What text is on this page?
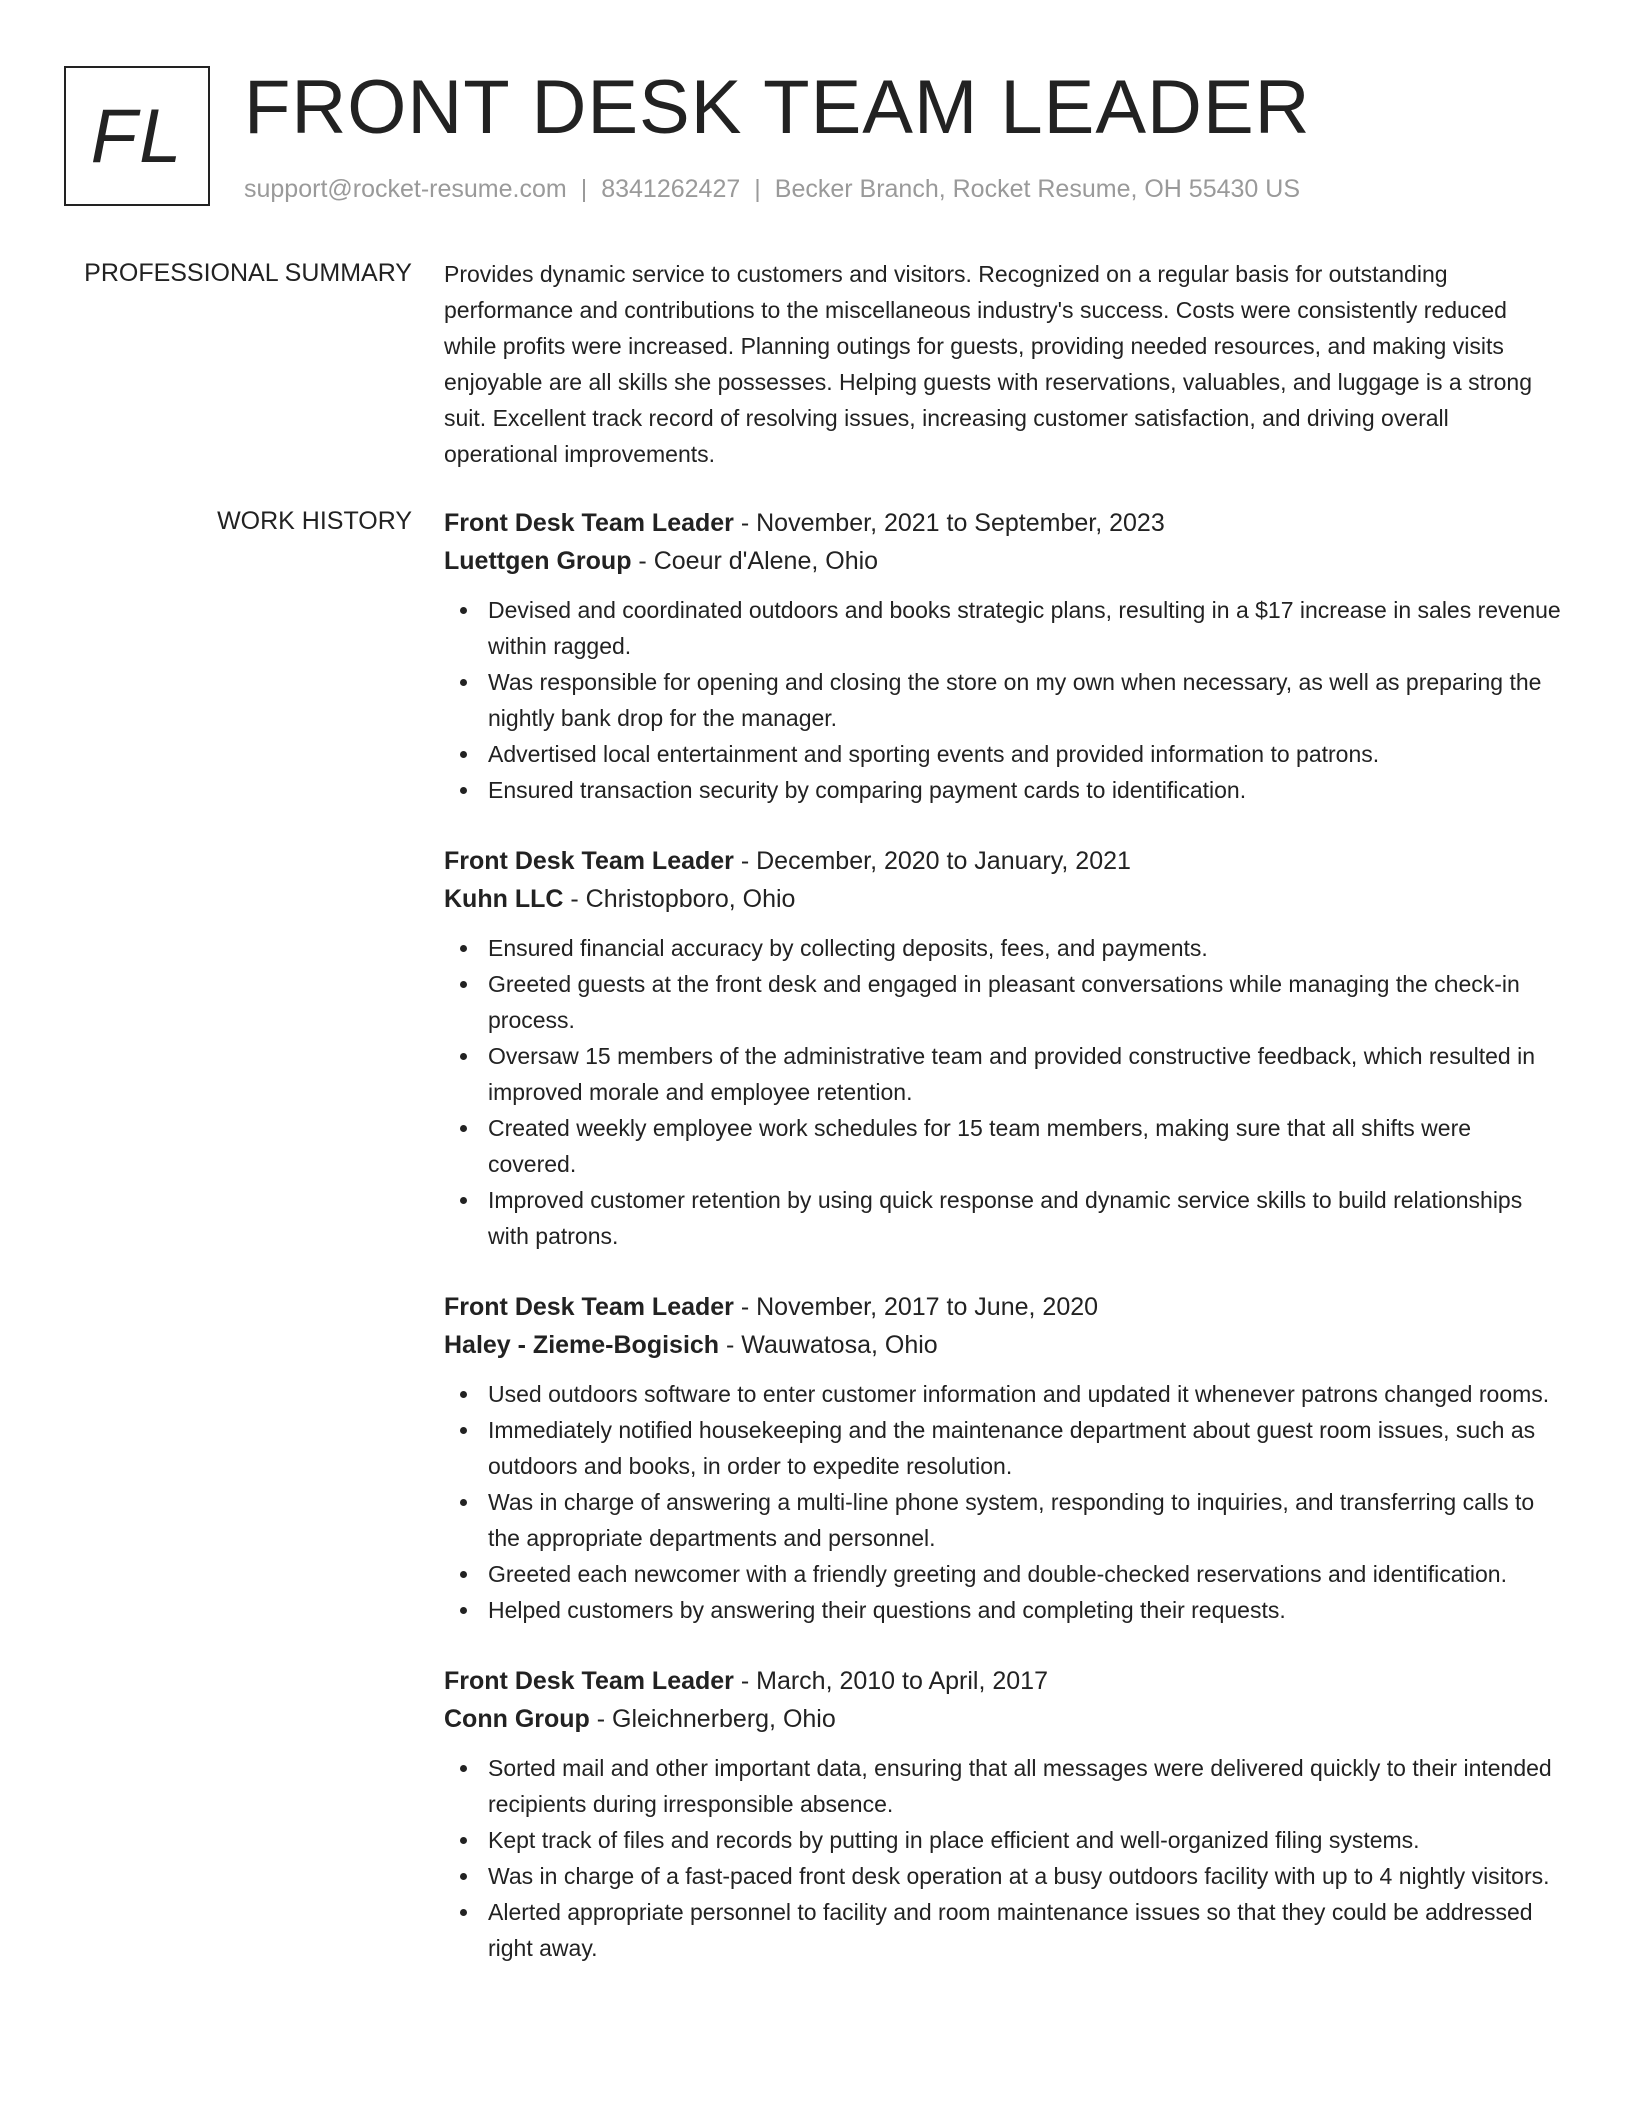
FL FRONT DESK TEAM LEADER
support@rocket-resume.com | 8341262427 | Becker Branch, Rocket Resume, OH 55430 US
PROFESSIONAL SUMMARY Provides dynamic service to customers and visitors. Recognized on a regular basis for outstanding performance and contributions to the miscellaneous industry's success. Costs were consistently reduced while profits were increased. Planning outings for guests, providing needed resources, and making visits enjoyable are all skills she possesses. Helping guests with reservations, valuables, and luggage is a strong suit. Excellent track record of resolving issues, increasing customer satisfaction, and driving overall operational improvements.

WORK HISTORY Front Desk Team Leader - November, 2021 to September, 2023
Luettgen Group - Coeur d'Alene, Ohio
Devised and coordinated outdoors and books strategic plans, resulting in a $17 increase in sales revenue within ragged.
Was responsible for opening and closing the store on my own when necessary, as well as preparing the nightly bank drop for the manager.
Advertised local entertainment and sporting events and provided information to patrons.
Ensured transaction security by comparing payment cards to identification.
Front Desk Team Leader - December, 2020 to January, 2021
Kuhn LLC - Christopboro, Ohio
Ensured financial accuracy by collecting deposits, fees, and payments.
Greeted guests at the front desk and engaged in pleasant conversations while managing the check-in process.
Oversaw 15 members of the administrative team and provided constructive feedback, which resulted in improved morale and employee retention.
Created weekly employee work schedules for 15 team members, making sure that all shifts were covered.
Improved customer retention by using quick response and dynamic service skills to build relationships with patrons.
Front Desk Team Leader - November, 2017 to June, 2020
Haley - Zieme-Bogisich - Wauwatosa, Ohio
Used outdoors software to enter customer information and updated it whenever patrons changed rooms.
Immediately notified housekeeping and the maintenance department about guest room issues, such as outdoors and books, in order to expedite resolution.
Was in charge of answering a multi-line phone system, responding to inquiries, and transferring calls to the appropriate departments and personnel.
Greeted each newcomer with a friendly greeting and double-checked reservations and identification.
Helped customers by answering their questions and completing their requests.
Front Desk Team Leader - March, 2010 to April, 2017
Conn Group - Gleichnerberg, Ohio
Sorted mail and other important data, ensuring that all messages were delivered quickly to their intended recipients during irresponsible absence.
Kept track of files and records by putting in place efficient and well-organized filing systems.
Was in charge of a fast-paced front desk operation at a busy outdoors facility with up to 4 nightly visitors.
Alerted appropriate personnel to facility and room maintenance issues so that they could be addressed right away.
